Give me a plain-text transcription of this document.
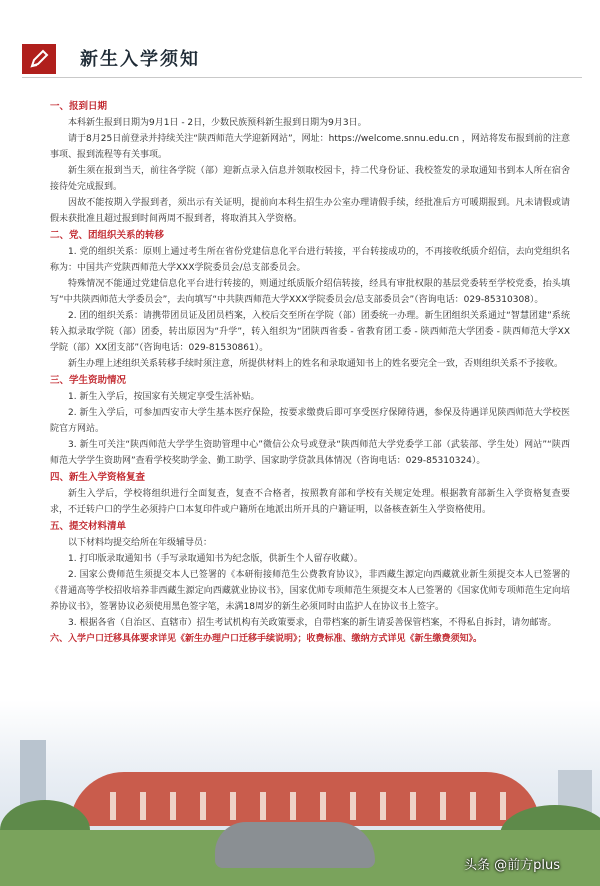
新生入学须知

一、报到日期

本科新生报到日期为9月1日 - 2日，少数民族预科新生报到日期为9月3日。

请于8月25日前登录并持续关注“陕西师范大学迎新网站”，网址：https://welcome.snnu.edu.cn ，网站将发布报到前的注意事项、报到流程等有关事项。

新生须在报到当天，前往各学院（部）迎新点录入信息并领取校园卡，持二代身份证、我校签发的录取通知书到本人所在宿舍接待处完成报到。

因故不能按期入学报到者，须出示有关证明，提前向本科生招生办公室办理请假手续，经批准后方可暖期报到。凡未请假或请假未获批准且超过报到时间两周不报到者，将取消其入学资格。

二、党、团组织关系的转移

1. 党的组织关系：原则上通过考生所在省份党建信息化平台进行转接，平台转接成功的，不再接收纸质介绍信，去向党组织名称为：中国共产党陕西师范大学XXX学院委员会/总支部委员会。

特殊情况不能通过党建信息化平台进行转接的，则通过纸质版介绍信转接，经具有审批权限的基层党委转至学校党委，抬头填写“中共陕西师范大学委员会”，去向填写“中共陕西师范大学XXX学院委员会/总支部委员会”（咨询电话：029-85310308）。

2. 团的组织关系：请携带团员证及团员档案，入校后交至所在学院（部）团委统一办理。新生团组织关系通过“智慧团建”系统转入拟录取学院（部）团委，转出原因为“升学”，转入组织为“团陕西省委 - 省教育团工委 - 陕西师范大学团委 - 陕西师范大学XX学院（部）XX团支部”（咨询电话：029-81530861）。

新生办理上述组织关系转移手续时须注意，所提供材料上的姓名和录取通知书上的姓名要完全一致，否则组织关系不予接收。

三、学生资助情况

1. 新生入学后，按国家有关规定享受生活补贴。

2. 新生入学后，可参加西安市大学生基本医疗保险，按要求缴费后即可享受医疗保障待遇，参保及待遇详见陕西师范大学校医院官方网站。

3. 新生可关注“陕西师范大学学生资助管理中心”微信公众号或登录“陕西师范大学党委学工部（武装部、学生处）网站”“陕西师范大学学生资助网”查看学校奖助学金、勤工助学、国家助学贷款具体情况（咨询电话：029-85310324）。

四、新生入学资格复查

新生入学后，学校将组织进行全面复查，复查不合格者，按照教育部和学校有关规定处理。根据教育部新生入学资格复查要求，不迁转户口的学生必须持户口本复印件或户籍所在地派出所开具的户籍证明，以备核查新生入学资格使用。

五、提交材料清单

以下材料均提交给所在年级辅导员：

1. 打印版录取通知书（手写录取通知书为纪念版，供新生个人留存收藏）。

2. 国家公费师范生须提交本人已签署的《本研衔接师范生公费教育协议》，非西藏生源定向西藏就业新生须提交本人已签署的《普通高等学校招收培养非西藏生源定向西藏就业协议书》，国家优师专项师范生须提交本人已签署的《国家优师专项师范生定向培养协议书》，签署协议必须使用黑色签字笔，未满18周岁的新生必须同时由监护人在协议书上签字。

3. 根据各省（自治区、直辖市）招生考试机构有关政策要求，自带档案的新生请妥善保管档案，不得私自拆封，请勿邮寄。

六、入学户口迁移具体要求详见《新生办理户口迁移手续说明》；收费标准、缴纳方式详见《新生缴费须知》。

头条 @前方plus
